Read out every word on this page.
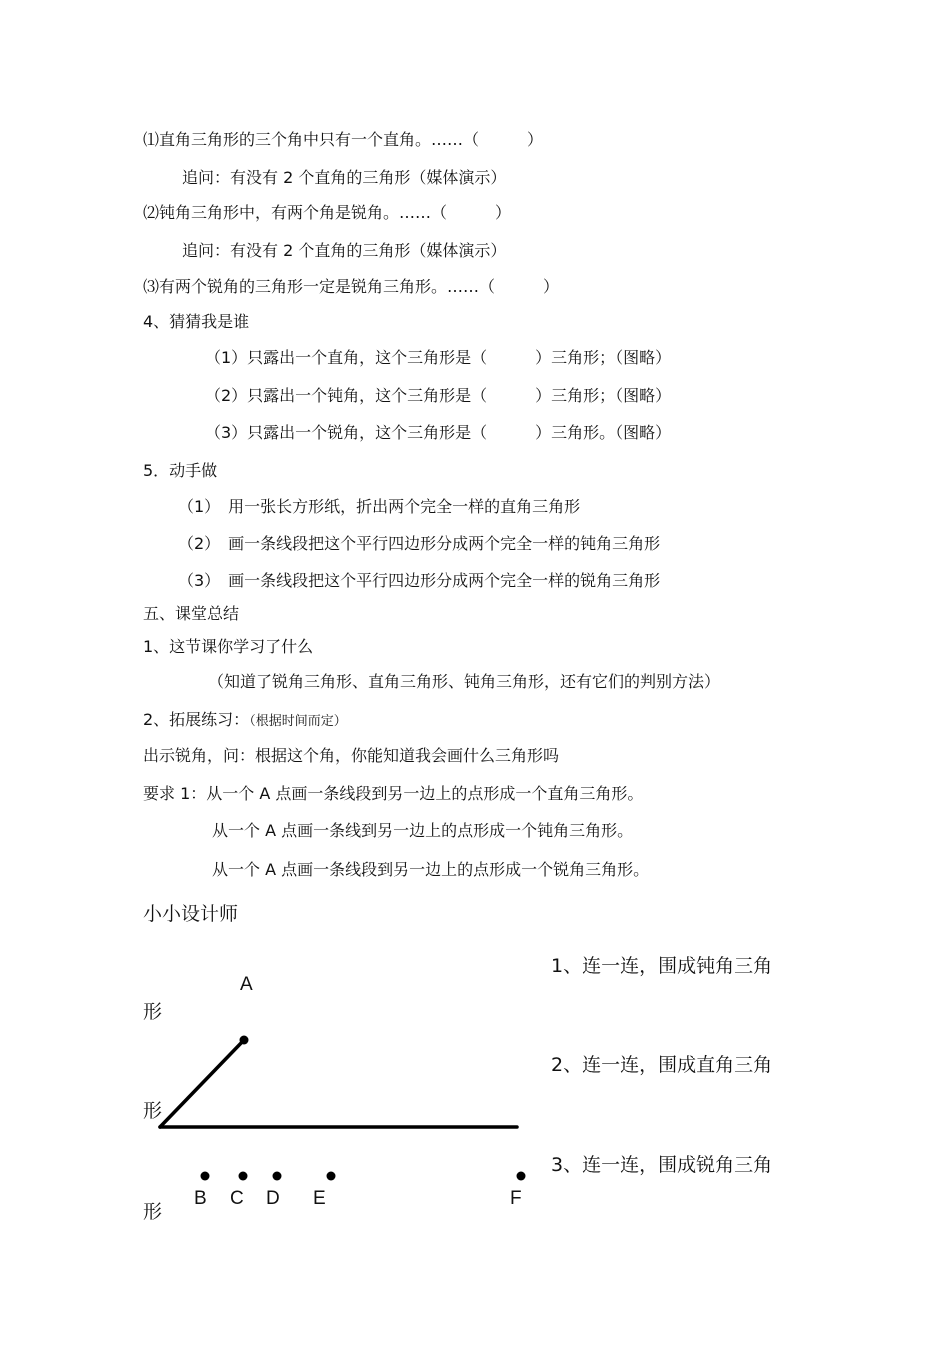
⑴直角三角形的三个角中只有一个直角。……（　　　）
追问：有没有 2 个直角的三角形（媒体演示）
⑵钝角三角形中，有两个角是锐角。……（　　　）
追问：有没有 2 个直角的三角形（媒体演示）
⑶有两个锐角的三角形一定是锐角三角形。……（　　　）
4、猜猜我是谁
（1）只露出一个直角，这个三角形是（　　　）三角形；（图略）
（2）只露出一个钝角，这个三角形是（　　　）三角形；（图略）
（3）只露出一个锐角，这个三角形是（　　　）三角形。（图略）
5．动手做
（1）　用一张长方形纸，折出两个完全一样的直角三角形
（2）　画一条线段把这个平行四边形分成两个完全一样的钝角三角形
（3）　画一条线段把这个平行四边形分成两个完全一样的锐角三角形
五、课堂总结
1、这节课你学习了什么
（知道了锐角三角形、直角三角形、钝角三角形，还有它们的判别方法）
2、拓展练习：（根据时间而定）
出示锐角，问：根据这个角，你能知道我会画什么三角形吗
要求 1：从一个 A 点画一条线段到另一边上的点形成一个直角三角形。
从一个 A 点画一条线到另一边上的点形成一个钝角三角形。
从一个 A 点画一条线段到另一边上的点形成一个锐角三角形。
小小设计师
A
B C D E	F
1、连一连，围成钝角三角
形
2、连一连，围成直角三角
形
3、连一连，围成锐角三角
形
